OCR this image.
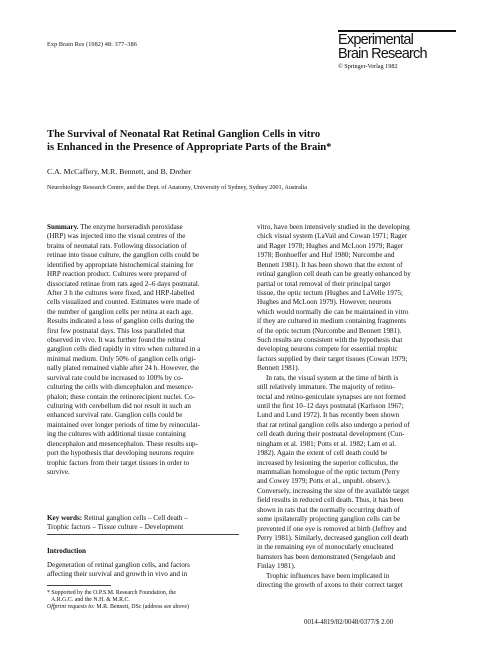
Exp Brain Res (1982) 48: 377–386	Experimental
Brain Research
© Springer-Verlag 1982
The Survival of Neonatal Rat Retinal Ganglion Cells in vitro
is Enhanced in the Presence of Appropriate Parts of the Brain*
C.A. McCaffery, M.R. Bennett, and B. Dreher
Neurobiology Research Centre, and the Dept. of Anatomy, University of Sydney, Sydney 2001, Australia
Summary. The enzyme horseradish peroxidase
(HRP) was injected into the visual centres of the
brains of neonatal rats. Following dissociation of
retinae into tissue culture, the ganglion cells could be
identified by appropriate histochemical staining for
HRP reaction product. Cultures were prepared of
dissociated retinae from rats aged 2–6 days postnatal.
After 3 h the cultures were fixed, and HRP-labelled
cells visualized and counted. Estimates were made of
the number of ganglion cells per retina at each age.
Results indicated a loss of ganglion cells during the
first few postnatal days. This loss paralleled that
observed in vivo. It was further found the retinal
ganglion cells died rapidly in vitro when cultured in a
minimal medium. Only 50% of ganglion cells origi-
nally plated remained viable after 24 h. However, the
survival rate could be increased to 100% by co-
culturing the cells with diencephalon and mesence-
phalon; these contain the retinorecipient nuclei. Co-
culturing with cerebellum did not result in such an
enhanced survival rate. Ganglion cells could be
maintained over longer periods of time by reinoculat-
ing the cultures with additional tissue containing
diencephalon and mesencephalon. These results sup-
port the hypothesis that developing neurons require
trophic factors from their target tissues in order to
survive.
Key words: Retinal ganglion cells – Cell death –
Trophic factors – Tissue culture – Development
Introduction
Degeneration of retinal ganglion cells, and factors
affecting their survival and growth in vivo and in
* Supported by the O.P.S.M. Research Foundation, the
A.R.G.C. and the N.H. & M.R.C.
Offprint requests to: M.R. Bennett, DSc (address see above)
vitro, have been intensively studied in the developing
chick visual system (LaVail and Cowan 1971; Rager
and Rager 1978; Hughes and McLoon 1979; Rager
1978; Bonhoeffer and Huf 1980; Nurcombe and
Bennett 1981). It has been shown that the extent of
retinal ganglion cell death can be greatly enhanced by
partial or total removal of their principal target
tissue, the optic tectum (Hughes and LaVelle 1975;
Hughes and McLoon 1979). However, neurons
which would normally die can be maintained in vitro
if they are cultured in medium containing fragments
of the optic tectum (Nurcombe and Bennett 1981).
Such results are consistent with the hypothesis that
developing neurons compete for essential trophic
factors supplied by their target tissues (Cowan 1979;
Bennett 1981).
In rats, the visual system at the time of birth is
still relatively immature. The majority of retino-
tectal and retino-geniculate synapses are not formed
until the first 10–12 days postnatal (Karlsson 1967;
Lund and Lund 1972). It has recently been shown
that rat retinal ganglion cells also undergo a period of
cell death during their postnatal development (Cun-
ningham et al. 1981; Potts et al. 1982; Lam et al.
1982). Again the extent of cell death could be
increased by lesioning the superior colliculus, the
mammalian homologue of the optic tectum (Perry
and Cowey 1979; Potts et al., unpubl. observ.).
Conversely, increasing the size of the available target
field results in reduced cell death. Thus, it has been
shown in rats that the normally occurring death of
some ipsilaterally projecting ganglion cells can be
prevented if one eye is removed at birth (Jeffrey and
Perry 1981). Similarly, decreased ganglion cell death
in the remaining eye of monocularly enucleated
hamsters has been demonstrated (Sengelaub and
Finlay 1981).
Trophic influences have been implicated in
directing the growth of axons to their correct target
0014-4819/82/0048/0377/$ 2.00
